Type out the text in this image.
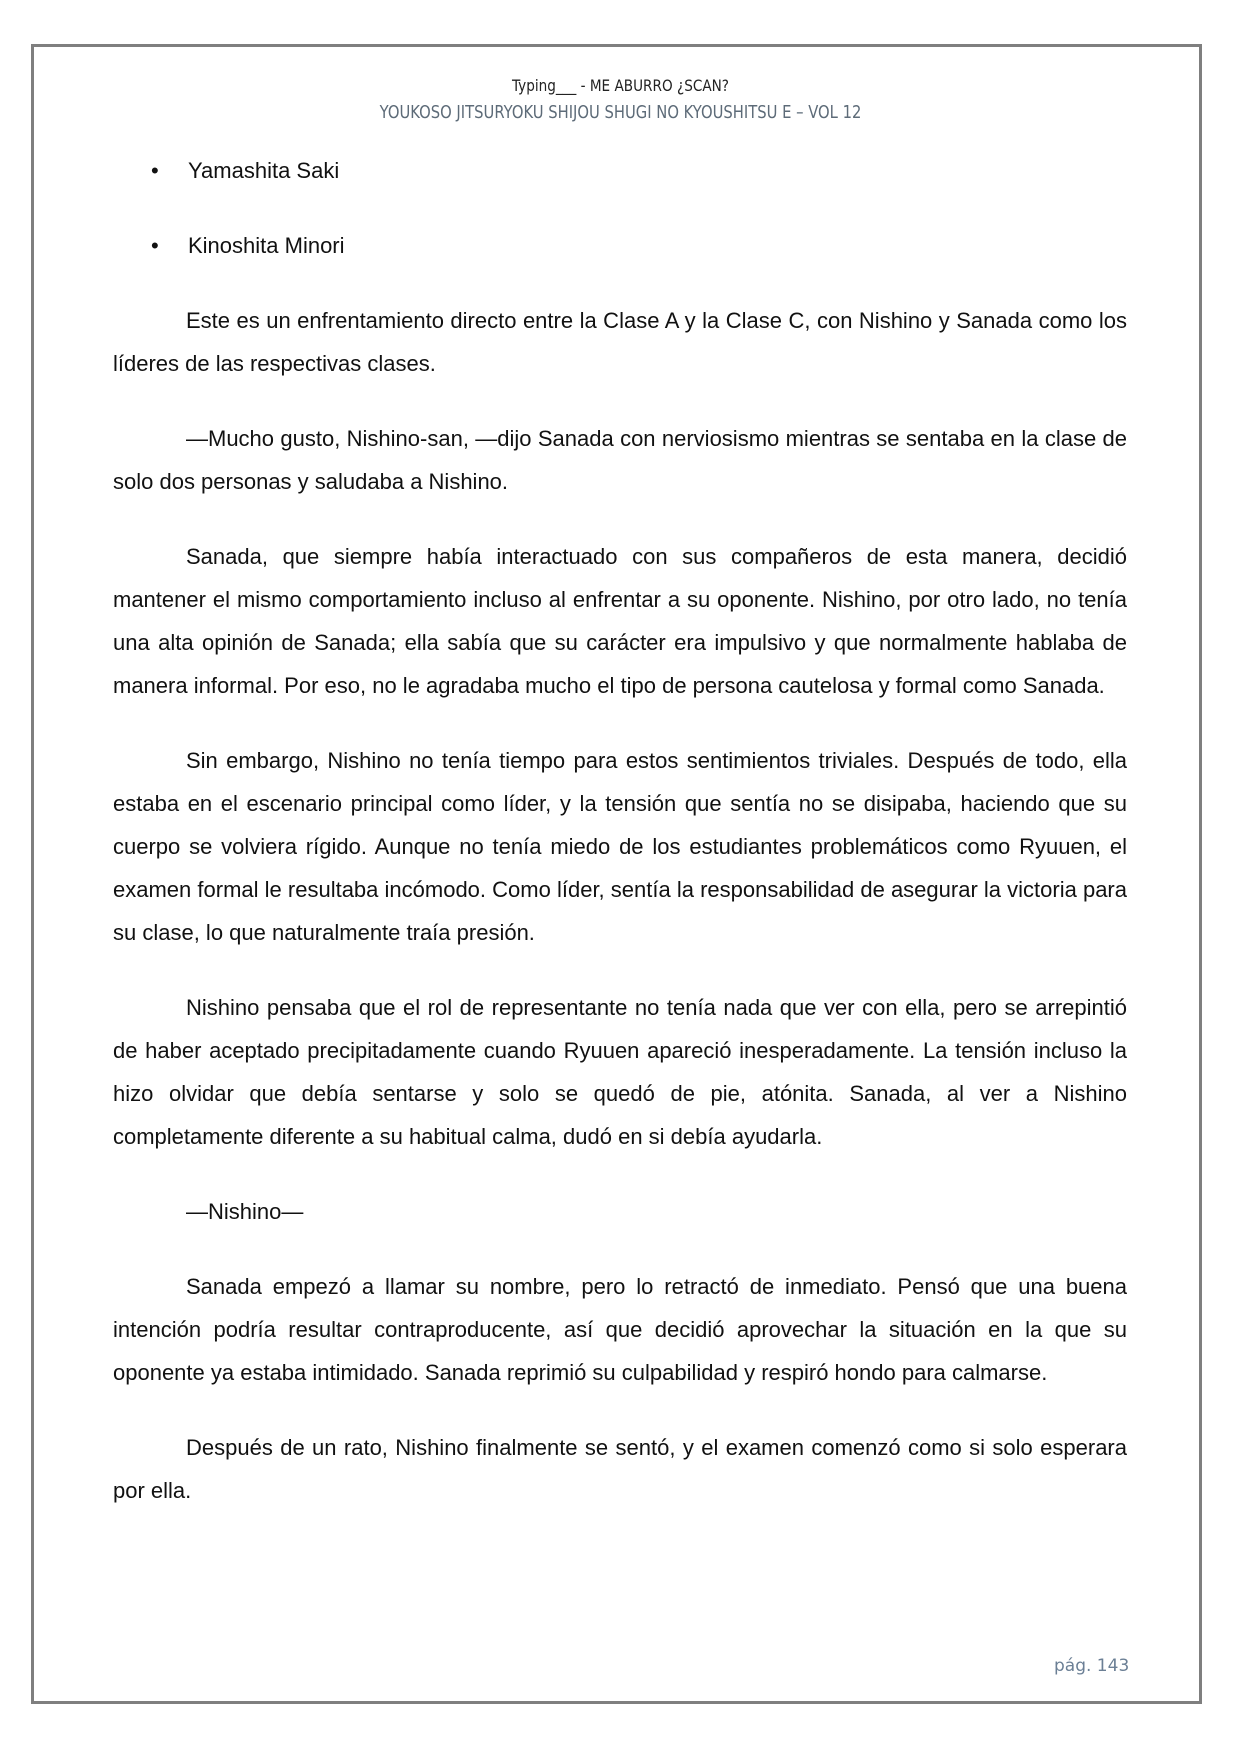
Typing___ - ME ABURRO ¿SCAN?
YOUKOSO JITSURYOKU SHIJOU SHUGI NO KYOUSHITSU E – VOL 12
• Yamashita Saki
• Kinoshita Minori

Este es un enfrentamiento directo entre la Clase A y la Clase C, con Nishino y Sanada como los líderes de las respectivas clases.

—Mucho gusto, Nishino-san, —dijo Sanada con nerviosismo mientras se sentaba en la clase de solo dos personas y saludaba a Nishino.

Sanada, que siempre había interactuado con sus compañeros de esta manera, decidió mantener el mismo comportamiento incluso al enfrentar a su oponente. Nishino, por otro lado, no tenía una alta opinión de Sanada; ella sabía que su carácter era impulsivo y que normalmente hablaba de manera informal. Por eso, no le agradaba mucho el tipo de persona cautelosa y formal como Sanada.

Sin embargo, Nishino no tenía tiempo para estos sentimientos triviales. Después de todo, ella estaba en el escenario principal como líder, y la tensión que sentía no se disipaba, haciendo que su cuerpo se volviera rígido. Aunque no tenía miedo de los estudiantes problemáticos como Ryuuen, el examen formal le resultaba incómodo. Como líder, sentía la responsabilidad de asegurar la victoria para su clase, lo que naturalmente traía presión.

Nishino pensaba que el rol de representante no tenía nada que ver con ella, pero se arrepintió de haber aceptado precipitadamente cuando Ryuuen apareció inesperadamente. La tensión incluso la hizo olvidar que debía sentarse y solo se quedó de pie, atónita. Sanada, al ver a Nishino completamente diferente a su habitual calma, dudó en si debía ayudarla.

—Nishino—

Sanada empezó a llamar su nombre, pero lo retractó de inmediato. Pensó que una buena intención podría resultar contraproducente, así que decidió aprovechar la situación en la que su oponente ya estaba intimidado. Sanada reprimió su culpabilidad y respiró hondo para calmarse.

Después de un rato, Nishino finalmente se sentó, y el examen comenzó como si solo esperara por ella.

pág. 143
